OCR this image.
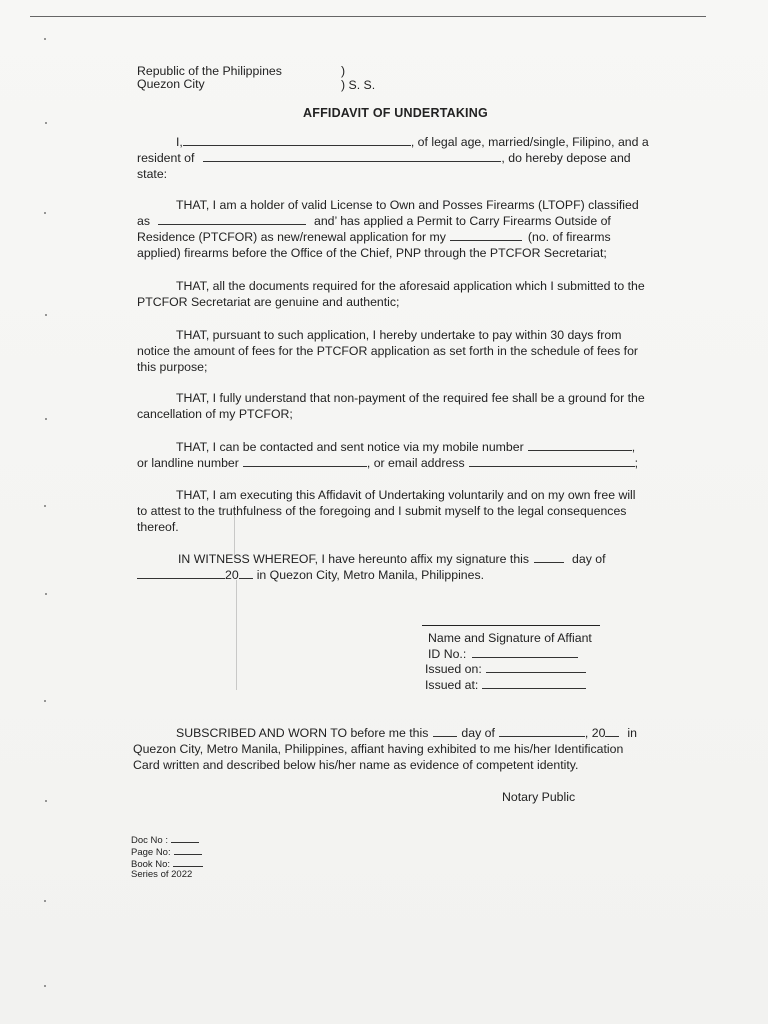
Republic of the Philippines
Quezon City
)
) S. S.
AFFIDAVIT OF UNDERTAKING
I,	, of legal age, married/single, Filipino, and a
resident of	, do hereby depose and
state:
THAT, I am a holder of valid License to Own and Posses Firearms (LTOPF) classified
as	and’ has applied a Permit to Carry Firearms Outside of
Residence (PTCFOR) as new/renewal application for my	(no. of firearms
applied) firearms before the Office of the Chief, PNP through the PTCFOR Secretariat;
THAT, all the documents required for the aforesaid application which I submitted to the
PTCFOR Secretariat are genuine and authentic;
THAT, pursuant to such application, I hereby undertake to pay within 30 days from
notice the amount of fees for the PTCFOR application as set forth in the schedule of fees for
this purpose;
THAT, I fully understand that non-payment of the required fee shall be a ground for the
cancellation of my PTCFOR;
THAT, I can be contacted and sent notice via my mobile number	,
or landline number	, or email address	;
THAT, I am executing this Affidavit of Undertaking voluntarily and on my own free will
to attest to the truthfulness of the foregoing and I submit myself to the legal consequences
thereof.
IN WITNESS WHEREOF, I have hereunto affix my signature this	day of
20 in Quezon City, Metro Manila, Philippines.
Name and Signature of Affiant
ID No.:
Issued on:
Issued at:
SUBSCRIBED AND WORN TO before me this	day of	, 20 in
Quezon City, Metro Manila, Philippines, affiant having exhibited to me his/her Identification
Card written and described below his/her name as evidence of competent identity.
Notary Public
Doc No :
Page No:
Book No:
Series of 2022
